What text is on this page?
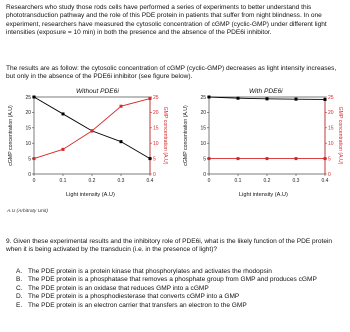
Researchers who study those rods cells have performed a series of experiments to better understand this phototransduction pathway and the role of this PDE protein in patients that suffer from night blindness. In one experiment, researchers have measured the cytosolic concentration of cGMP (cyclic-GMP) under different light intensities (exposure = 10 min) in both the presence and the absence of the PDE6i inhibitor.

The results are as follow: the cytosolic concentration of cGMP (cyclic-GMP) decreases as light intensity increases, but only in the absence of the PDE6i inhibitor (see figure below).

Without PDE6i
Light intensity (A.U)
0	0.1	0.2	0.3	0.4
0	0
5	5
10	10
15	15
20	20
25	25
cGMP concentration (A.U)	GMP concentration (A.U)
With PDE6i
Light intensity (A.U)
0	0.1	0.2	0.3	0.4
0	0
5	5
10	10
15	15
20	20
25	25
cGMP concentration (A.U)	GMP concentration (A.U)
A.U (Arbitraty Unit)

9. Given these experimental results and the inhibitory role of PDE6i, what is the likely function of the PDE protein when it is being activated by the transducin (i.e. in the presence of light)?

A. The PDE protein is a protein kinase that phosphorylates and activates the rhodopsin
B. The PDE protein is a phosphatase that removes a phosphate group from GMP and produces cGMP
C. The PDE protein is an oxidase that reduces GMP into a cGMP
D. The PDE protein is a phosphodiesterase that converts cGMP into a GMP
E. The PDE protein is an electron carrier that transfers an electron to the GMP
